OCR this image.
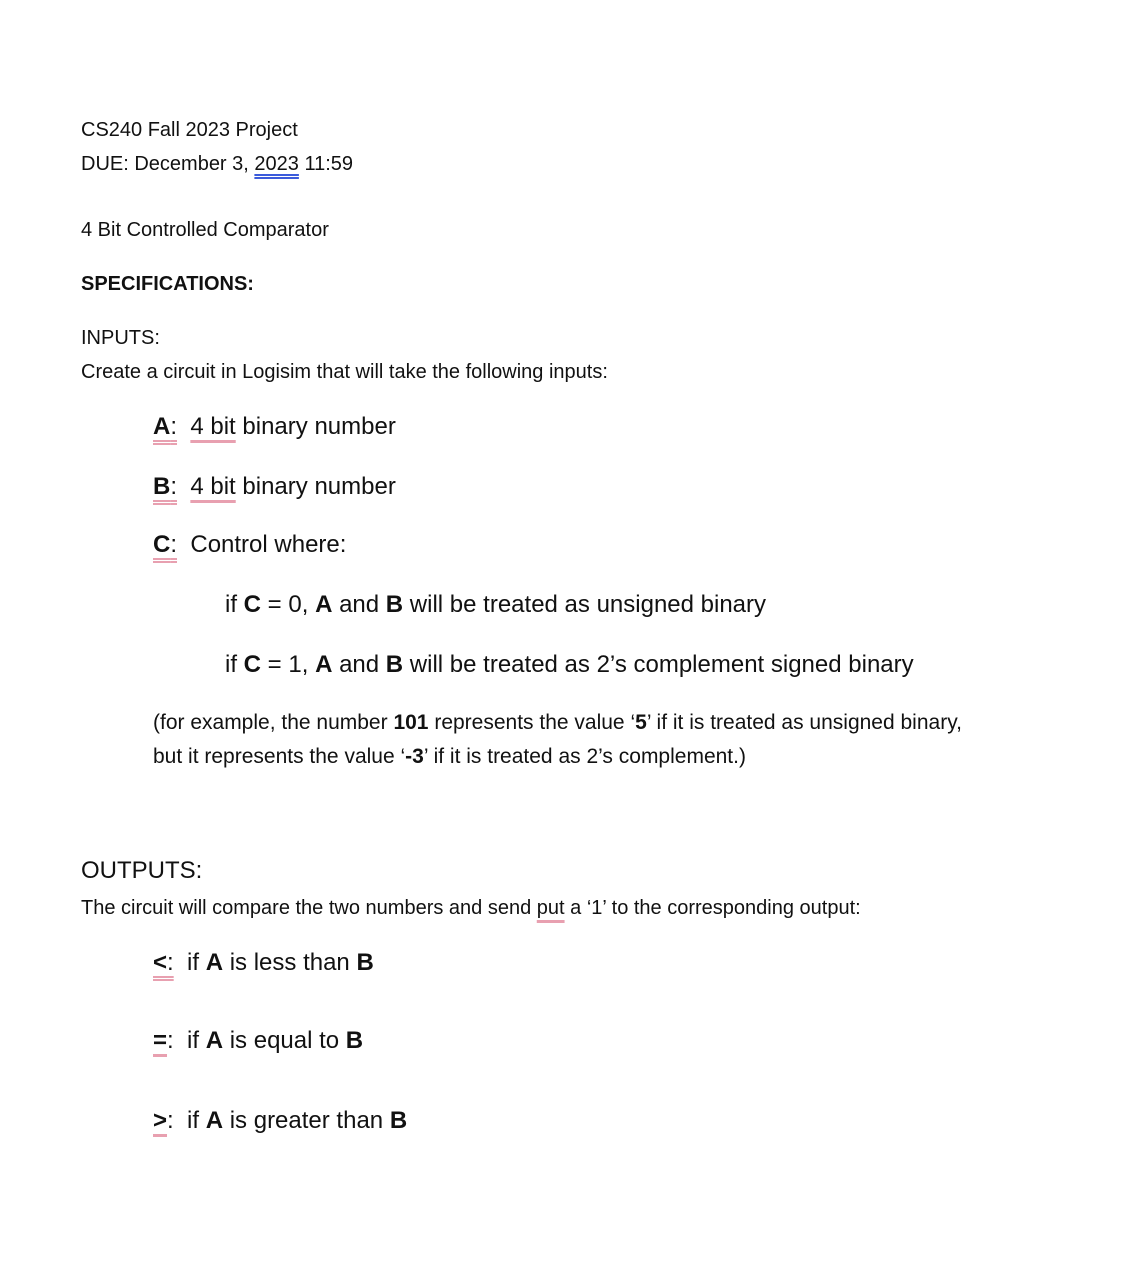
CS240 Fall 2023 Project
DUE: December 3, 2023 11:59
4 Bit Controlled Comparator
SPECIFICATIONS:
INPUTS:
Create a circuit in Logisim that will take the following inputs:
A: 4 bit binary number
B: 4 bit binary number
C: Control where:
if C = 0, A and B will be treated as unsigned binary
if C = 1, A and B will be treated as 2’s complement signed binary
(for example, the number 101 represents the value ‘5’ if it is treated as unsigned binary,
but it represents the value ‘-3’ if it is treated as 2’s complement.)
OUTPUTS:
The circuit will compare the two numbers and send put a ‘1’ to the corresponding output:
<: if A is less than B
=: if A is equal to B
>: if A is greater than B
